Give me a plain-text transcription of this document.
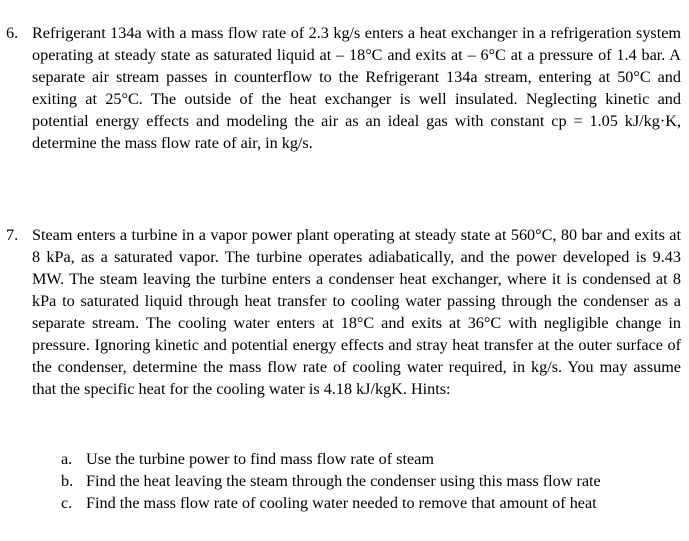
6. Refrigerant 134a with a mass flow rate of 2.3 kg/s enters a heat exchanger in a refrigeration system operating at steady state as saturated liquid at – 18°C and exits at – 6°C at a pressure of 1.4 bar. A separate air stream passes in counterflow to the Refrigerant 134a stream, entering at 50°C and exiting at 25°C. The outside of the heat exchanger is well insulated. Neglecting kinetic and potential energy effects and modeling the air as an ideal gas with constant cp = 1.05 kJ/kg·K, determine the mass flow rate of air, in kg/s.
7. Steam enters a turbine in a vapor power plant operating at steady state at 560°C, 80 bar and exits at 8 kPa, as a saturated vapor. The turbine operates adiabatically, and the power developed is 9.43 MW. The steam leaving the turbine enters a condenser heat exchanger, where it is condensed at 8 kPa to saturated liquid through heat transfer to cooling water passing through the condenser as a separate stream. The cooling water enters at 18°C and exits at 36°C with negligible change in pressure. Ignoring kinetic and potential energy effects and stray heat transfer at the outer surface of the condenser, determine the mass flow rate of cooling water required, in kg/s. You may assume that the specific heat for the cooling water is 4.18 kJ/kgK. Hints:
a. Use the turbine power to find mass flow rate of steam
b. Find the heat leaving the steam through the condenser using this mass flow rate
c. Find the mass flow rate of cooling water needed to remove that amount of heat
